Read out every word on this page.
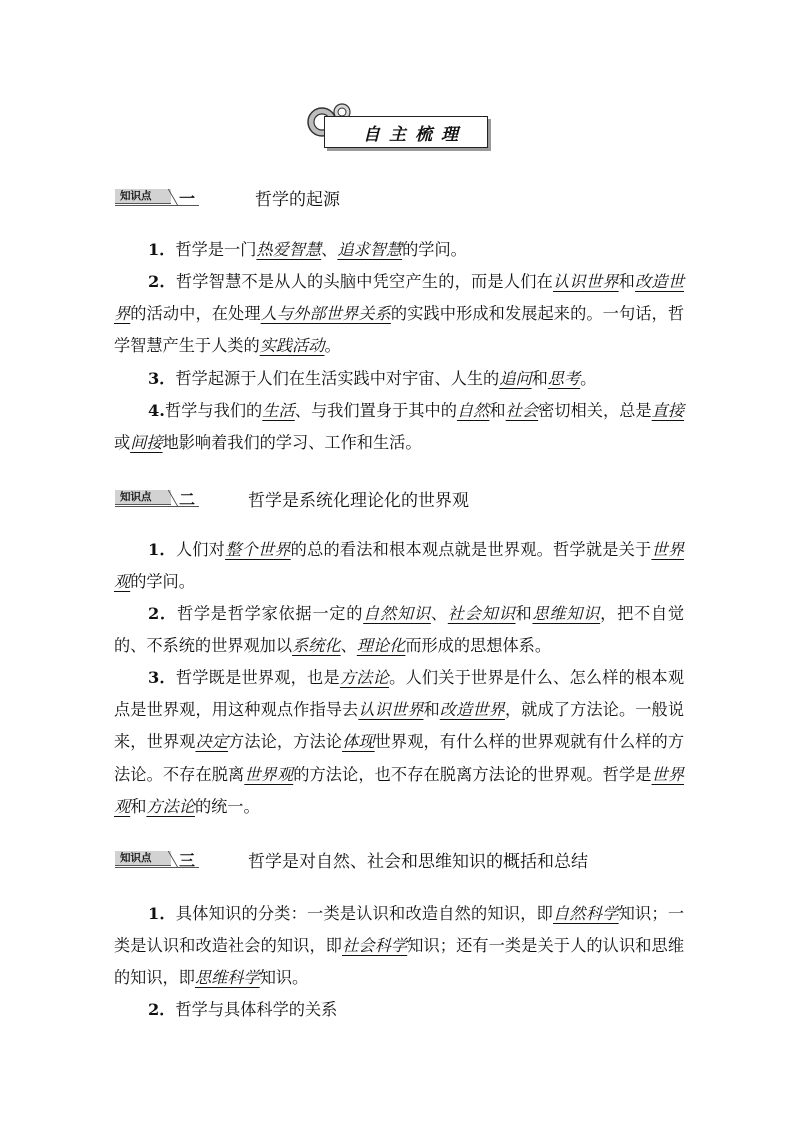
自主梳理
知识点	一	哲学的起源
1．哲学是一门热爱智慧、追求智慧的学问。
2．哲学智慧不是从人的头脑中凭空产生的，而是人们在认识世界和改造世界的活动中，在处理人与外部世界关系的实践中形成和发展起来的。一句话，哲学智慧产生于人类的实践活动。
3．哲学起源于人们在生活实践中对宇宙、人生的追问和思考。
4.哲学与我们的生活、与我们置身于其中的自然和社会密切相关，总是直接或间接地影响着我们的学习、工作和生活。
知识点	二	哲学是系统化理论化的世界观
1．人们对整个世界的总的看法和根本观点就是世界观。哲学就是关于世界观的学问。
2．哲学是哲学家依据一定的自然知识、社会知识和思维知识，把不自觉的、不系统的世界观加以系统化、理论化而形成的思想体系。
3．哲学既是世界观，也是方法论。人们关于世界是什么、怎么样的根本观点是世界观，用这种观点作指导去认识世界和改造世界，就成了方法论。一般说来，世界观决定方法论，方法论体现世界观，有什么样的世界观就有什么样的方法论。不存在脱离世界观的方法论，也不存在脱离方法论的世界观。哲学是世界观和方法论的统一。
知识点	三	哲学是对自然、社会和思维知识的概括和总结
1．具体知识的分类：一类是认识和改造自然的知识，即自然科学知识；一类是认识和改造社会的知识，即社会科学知识；还有一类是关于人的认识和思维的知识，即思维科学知识。
2．哲学与具体科学的关系
